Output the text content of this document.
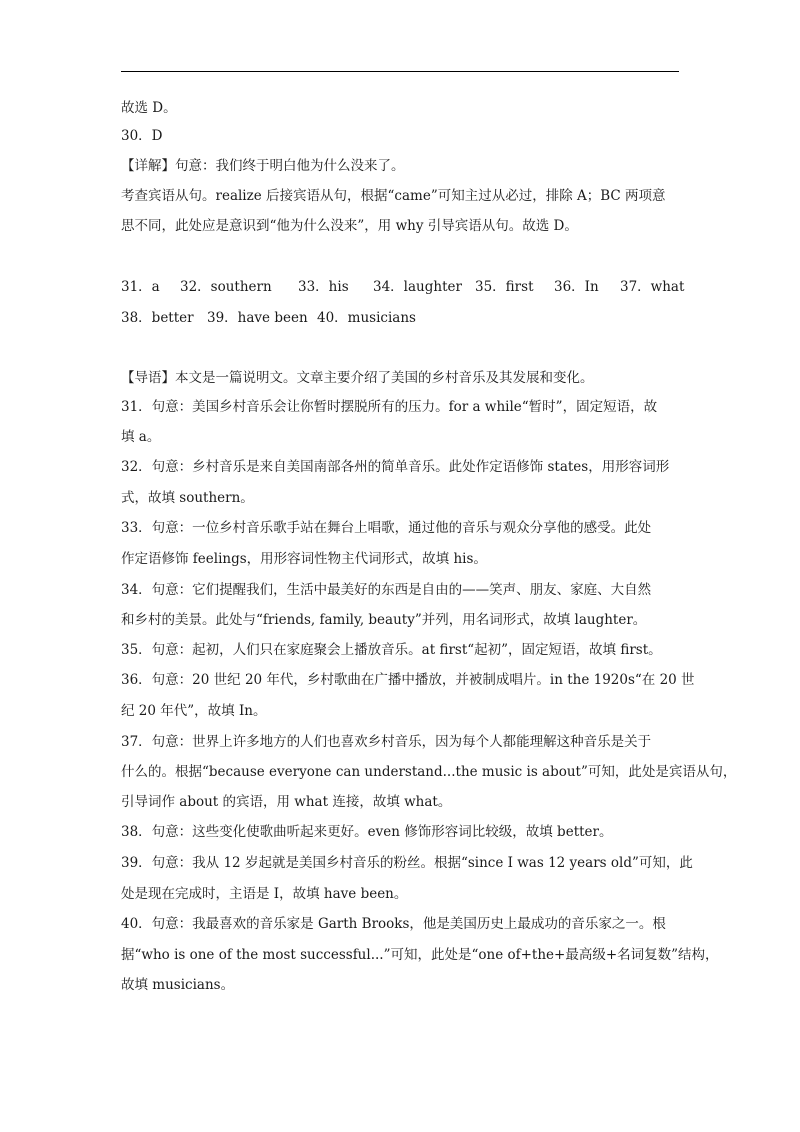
故选 D。
30．D
【详解】句意：我们终于明白他为什么没来了。
考查宾语从句。realize 后接宾语从句，根据“came”可知主过从必过，排除 A；BC 两项意
思不同，此处应是意识到“他为什么没来”，用 why 引导宾语从句。故选 D。
31．a 32．southern 33．his 34．laughter 35．first 36．In 37．what
38．better 39．have been 40．musicians
【导语】本文是一篇说明文。文章主要介绍了美国的乡村音乐及其发展和变化。
31．句意：美国乡村音乐会让你暂时摆脱所有的压力。for a while“暂时”，固定短语，故
填 a。
32．句意：乡村音乐是来自美国南部各州的简单音乐。此处作定语修饰 states，用形容词形
式，故填 southern。
33．句意：一位乡村音乐歌手站在舞台上唱歌，通过他的音乐与观众分享他的感受。此处
作定语修饰 feelings，用形容词性物主代词形式，故填 his。
34．句意：它们提醒我们，生活中最美好的东西是自由的——笑声、朋友、家庭、大自然
和乡村的美景。此处与“friends, family, beauty”并列，用名词形式，故填 laughter。
35．句意：起初，人们只在家庭聚会上播放音乐。at first“起初”，固定短语，故填 first。
36．句意：20 世纪 20 年代，乡村歌曲在广播中播放，并被制成唱片。in the 1920s“在 20 世
纪 20 年代”，故填 In。
37．句意：世界上许多地方的人们也喜欢乡村音乐，因为每个人都能理解这种音乐是关于
什么的。根据“because everyone can understand...the music is about”可知，此处是宾语从句，
引导词作 about 的宾语，用 what 连接，故填 what。
38．句意：这些变化使歌曲听起来更好。even 修饰形容词比较级，故填 better。
39．句意：我从 12 岁起就是美国乡村音乐的粉丝。根据“since I was 12 years old”可知，此
处是现在完成时，主语是 I，故填 have been。
40．句意：我最喜欢的音乐家是 Garth Brooks，他是美国历史上最成功的音乐家之一。根
据“who is one of the most successful...”可知，此处是“one of+the+最高级+名词复数”结构，
故填 musicians。
